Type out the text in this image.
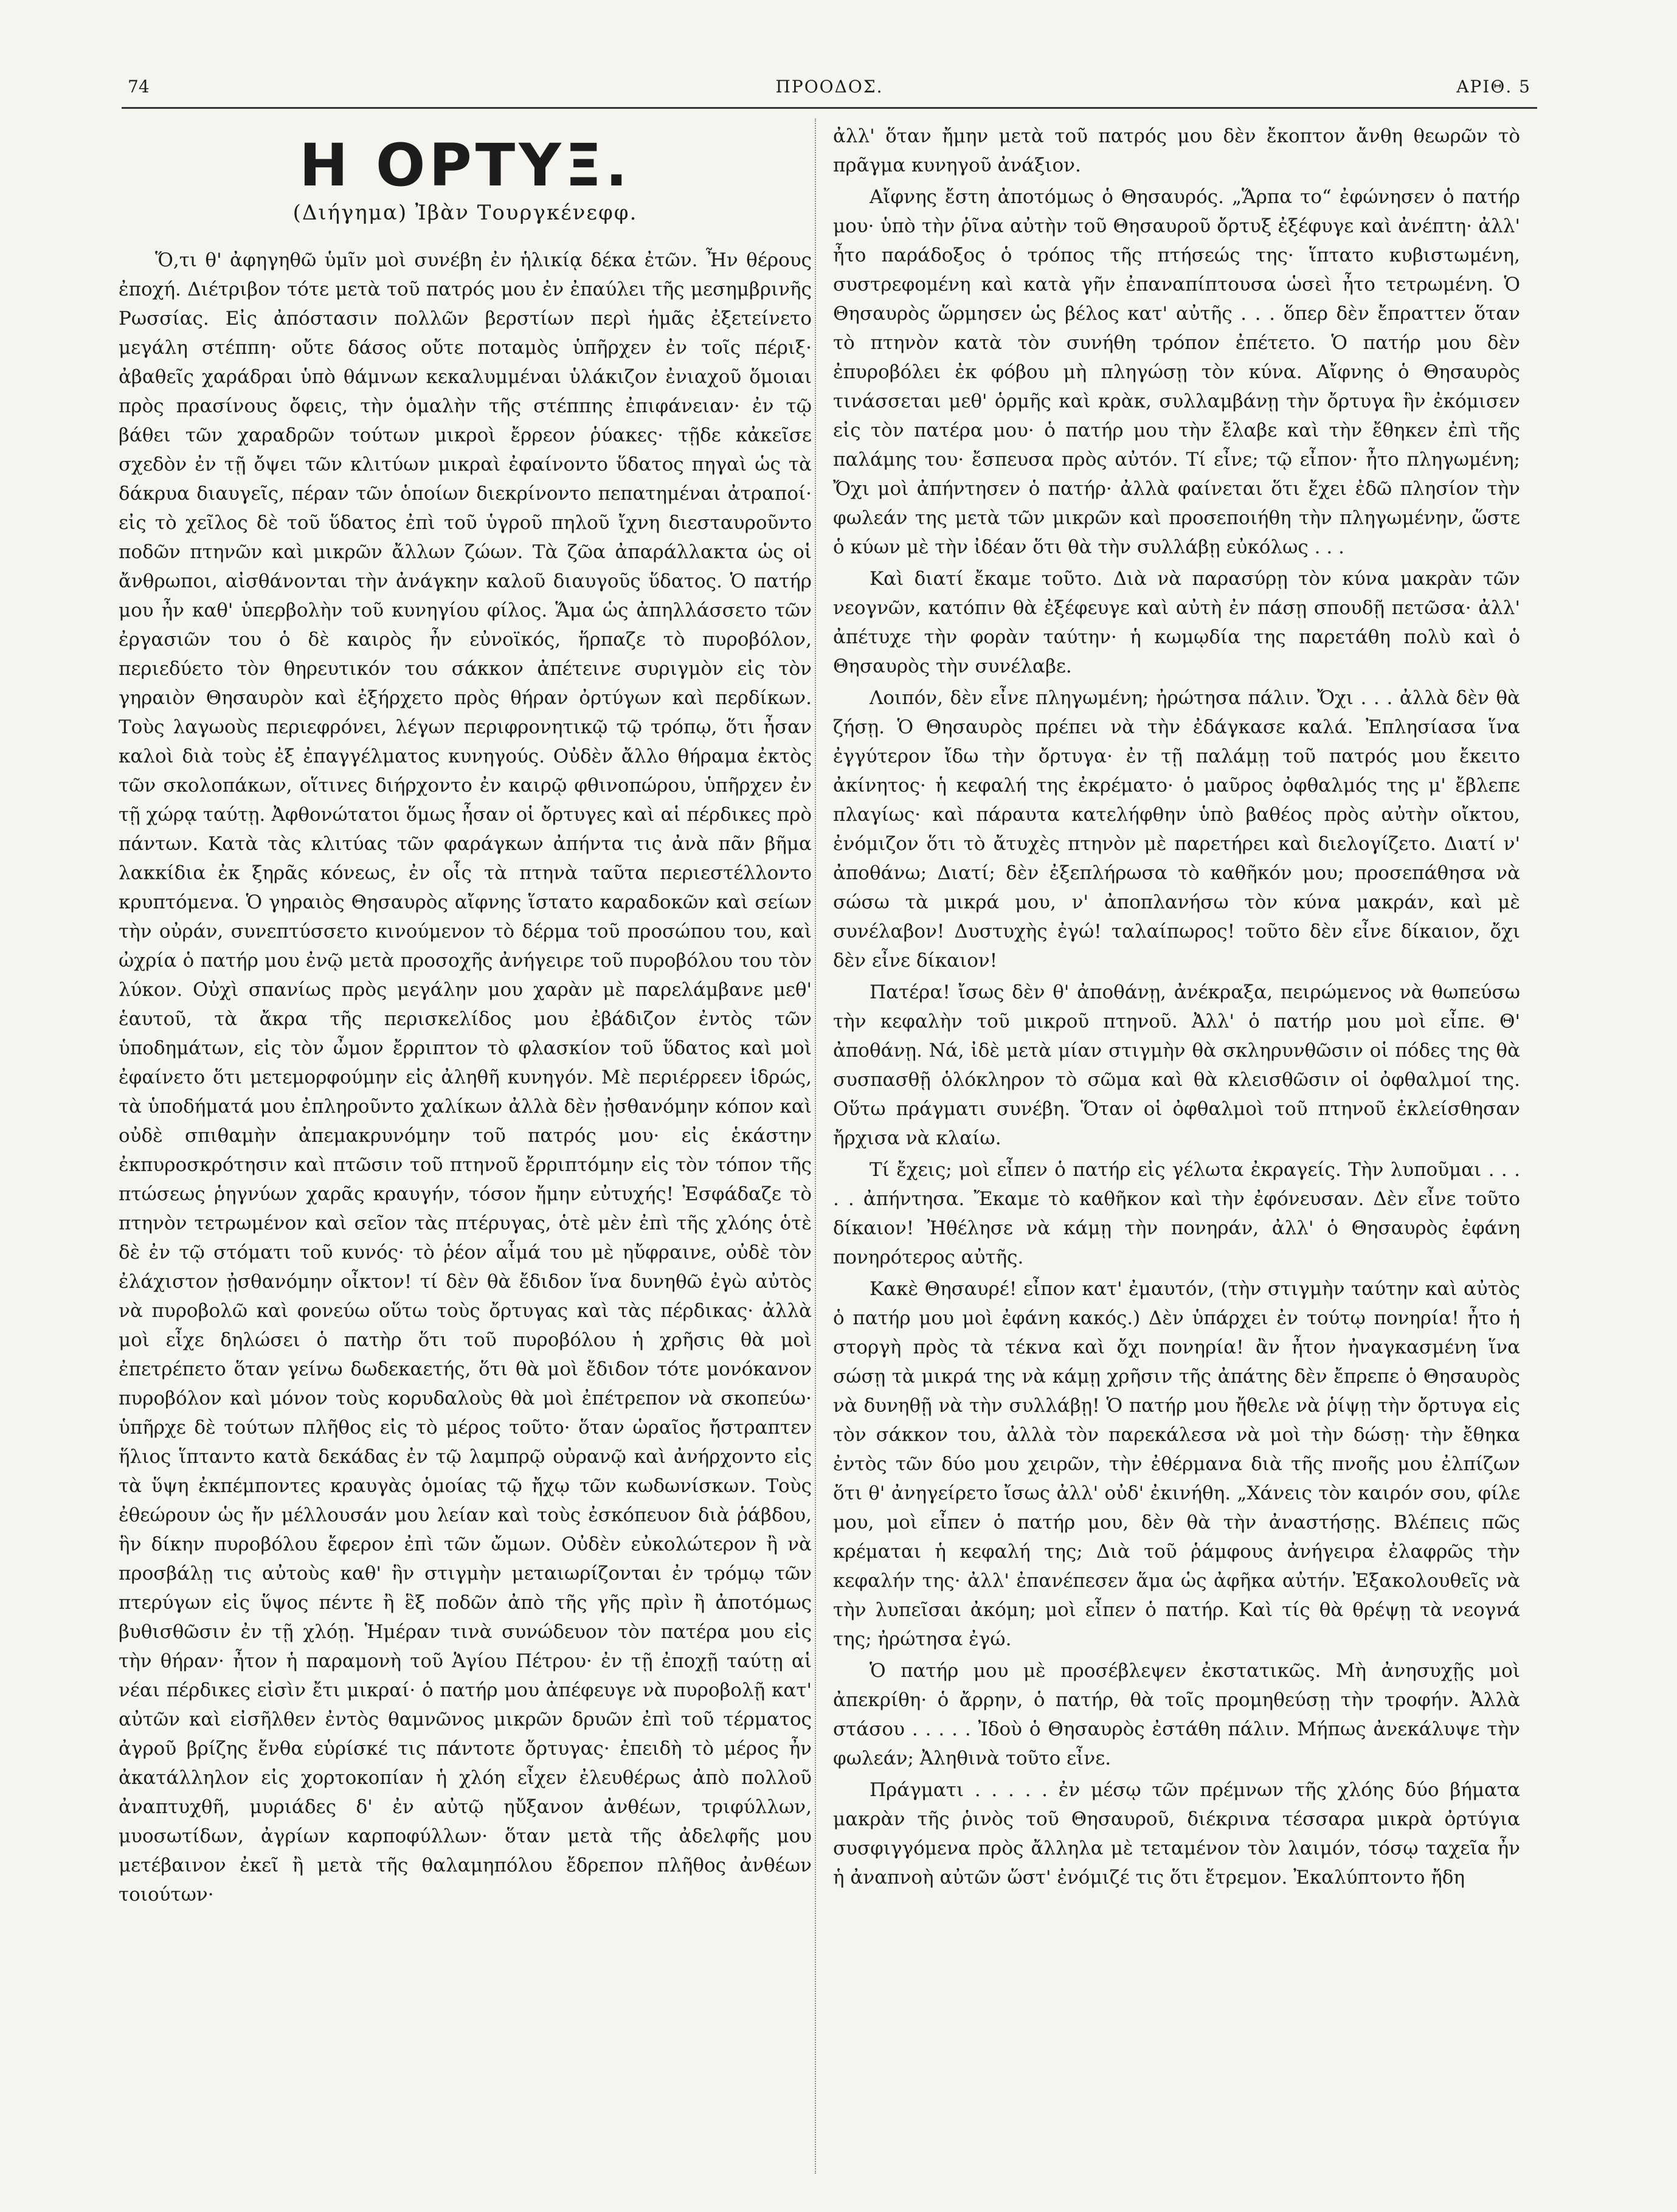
74	ΠΡΟΟΔΟΣ.	ΑΡΙΘ. 5
Η ΟΡΤΥΞ.
(Διήγημα) Ἰβὰν Τουργκένεφφ.

Ὅ,τι θ' ἀφηγηθῶ ὑμῖν μοὶ συνέβη ἐν ἡλικίᾳ δέκα ἐτῶν. Ἦν θέρους ἐποχή. Διέτριβον τότε μετὰ τοῦ πατρός μου ἐν ἐπαύλει τῆς μεσημβρινῆς Ρωσσίας. Εἰς ἀπόστασιν πολλῶν βερστίων περὶ ἡμᾶς ἐξετείνετο μεγάλη στέππη· οὔτε δάσος οὔτε ποταμὸς ὑπῆρχεν ἐν τοῖς πέριξ· ἀβαθεῖς χαράδραι ὑπὸ θάμνων κεκαλυμμέναι ὑλάκιζον ἐνιαχοῦ ὅμοιαι πρὸς πρασίνους ὄφεις, τὴν ὁμαλὴν τῆς στέππης ἐπιφάνειαν· ἐν τῷ βάθει τῶν χαραδρῶν τούτων μικροὶ ἔρρεον ῥύακες· τῇδε κἀκεῖσε σχεδὸν ἐν τῇ ὄψει τῶν κλιτύων μικραὶ ἐφαίνοντο ὕδατος πηγαὶ ὡς τὰ δάκρυα διαυγεῖς, πέραν τῶν ὁποίων διεκρίνοντο πεπατημέναι ἀτραποί· εἰς τὸ χεῖλος δὲ τοῦ ὕδατος ἐπὶ τοῦ ὑγροῦ πηλοῦ ἴχνη διεσταυροῦντο ποδῶν πτηνῶν καὶ μικρῶν ἄλλων ζώων. Τὰ ζῶα ἀπαράλλακτα ὡς οἱ ἄνθρωποι, αἰσθάνονται τὴν ἀνάγκην καλοῦ διαυγοῦς ὕδατος. Ὁ πατήρ μου ἦν καθ' ὑπερβολὴν τοῦ κυνηγίου φίλος. Ἅμα ὡς ἀπηλλάσσετο τῶν ἐργασιῶν του ὁ δὲ καιρὸς ἦν εὐνοϊκός, ἥρπαζε τὸ πυροβόλον, περιεδύετο τὸν θηρευτικόν του σάκκον ἀπέτεινε συριγμὸν εἰς τὸν γηραιὸν Θησαυρὸν καὶ ἐξήρχετο πρὸς θήραν ὀρτύγων καὶ περδίκων. Τοὺς λαγωοὺς περιεφρόνει, λέγων περιφρονητικῷ τῷ τρόπῳ, ὅτι ἦσαν καλοὶ διὰ τοὺς ἐξ ἐπαγγέλματος κυνηγούς. Οὐδὲν ἄλλο θήραμα ἐκτὸς τῶν σκολοπάκων, οἵτινες διήρχοντο ἐν καιρῷ φθινοπώρου, ὑπῆρχεν ἐν τῇ χώρᾳ ταύτῃ. Ἀφθονώτατοι ὅμως ἦσαν οἱ ὄρτυγες καὶ αἱ πέρδικες πρὸ πάντων. Κατὰ τὰς κλιτύας τῶν φαράγκων ἀπήντα τις ἀνὰ πᾶν βῆμα λακκίδια ἐκ ξηρᾶς κόνεως, ἐν οἷς τὰ πτηνὰ ταῦτα περιεστέλλοντο κρυπτόμενα. Ὁ γηραιὸς Θησαυρὸς αἴφνης ἵστατο καραδοκῶν καὶ σείων τὴν οὐράν, συνεπτύσσετο κινούμενον τὸ δέρμα τοῦ προσώπου του, καὶ ὠχρία ὁ πατήρ μου ἐνῷ μετὰ προσοχῆς ἀνήγειρε τοῦ πυροβόλου του τὸν λύκον. Οὐχὶ σπανίως πρὸς μεγάλην μου χαρὰν μὲ παρελάμβανε μεθ' ἑαυτοῦ, τὰ ἄκρα τῆς περισκελίδος μου ἐβάδιζον ἐντὸς τῶν ὑποδημάτων, εἰς τὸν ὦμον ἔρριπτον τὸ φλασκίον τοῦ ὕδατος καὶ μοὶ ἐφαίνετο ὅτι μετεμορφούμην εἰς ἀληθῆ κυνηγόν. Μὲ περιέρρεεν ἱδρώς, τὰ ὑποδήματά μου ἐπληροῦντο χαλίκων ἀλλὰ δὲν ᾐσθανόμην κόπον καὶ οὐδὲ σπιθαμὴν ἀπεμακρυνόμην τοῦ πατρός μου· εἰς ἑκάστην ἐκπυροσκρότησιν καὶ πτῶσιν τοῦ πτηνοῦ ἔρριπτόμην εἰς τὸν τόπον τῆς πτώσεως ῥηγνύων χαρᾶς κραυγήν, τόσον ἤμην εὐτυχής! Ἐσφάδαζε τὸ πτηνὸν τετρωμένον καὶ σεῖον τὰς πτέρυγας, ὁτὲ μὲν ἐπὶ τῆς χλόης ὁτὲ δὲ ἐν τῷ στόματι τοῦ κυνός· τὸ ῥέον αἷμά του μὲ ηὔφραινε, οὐδὲ τὸν ἐλάχιστον ᾐσθανόμην οἶκτον! τί δὲν θὰ ἔδιδον ἵνα δυνηθῶ ἐγὼ αὐτὸς νὰ πυροβολῶ καὶ φονεύω οὕτω τοὺς ὄρτυγας καὶ τὰς πέρδικας· ἀλλὰ μοὶ εἶχε δηλώσει ὁ πατὴρ ὅτι τοῦ πυροβόλου ἡ χρῆσις θὰ μοὶ ἐπετρέπετο ὅταν γείνω δωδεκαετής, ὅτι θὰ μοὶ ἔδιδον τότε μονόκανον πυροβόλον καὶ μόνον τοὺς κορυδαλοὺς θὰ μοὶ ἐπέτρεπον νὰ σκοπεύω· ὑπῆρχε δὲ τούτων πλῆθος εἰς τὸ μέρος τοῦτο· ὅταν ὡραῖος ἤστραπτεν ἥλιος ἵπταντο κατὰ δεκάδας ἐν τῷ λαμπρῷ οὐρανῷ καὶ ἀνήρχοντο εἰς τὰ ὕψη ἐκπέμποντες κραυγὰς ὁμοίας τῷ ἤχῳ τῶν κωδωνίσκων. Τοὺς ἐθεώρουν ὡς ἤν μέλλουσάν μου λείαν καὶ τοὺς ἐσκόπευον διὰ ῥάβδου, ἣν δίκην πυροβόλου ἔφερον ἐπὶ τῶν ὤμων. Οὐδὲν εὐκολώτερον ἢ νὰ προσβάλῃ τις αὐτοὺς καθ' ἣν στιγμὴν μεταιωρίζονται ἐν τρόμῳ τῶν πτερύγων εἰς ὕψος πέντε ἢ ἓξ ποδῶν ἀπὸ τῆς γῆς πρὶν ἢ ἀποτόμως βυθισθῶσιν ἐν τῇ χλόῃ. Ἡμέραν τινὰ συνώδευον τὸν πατέρα μου εἰς τὴν θήραν· ἦτον ἡ παραμονὴ τοῦ Ἁγίου Πέτρου· ἐν τῇ ἐποχῇ ταύτῃ αἱ νέαι πέρδικες εἰσὶν ἔτι μικραί· ὁ πατήρ μου ἀπέφευγε νὰ πυροβολῇ κατ' αὐτῶν καὶ εἰσῆλθεν ἐντὸς θαμνῶνος μικρῶν δρυῶν ἐπὶ τοῦ τέρματος ἀγροῦ βρίζης ἔνθα εὑρίσκέ τις πάντοτε ὄρτυγας· ἐπειδὴ τὸ μέρος ἦν ἀκατάλληλον εἰς χορτοκοπίαν ἡ χλόη εἶχεν ἐλευθέρως ἀπὸ πολλοῦ ἀναπτυχθῆ, μυριάδες δ' ἐν αὐτῷ ηὔξανον ἀνθέων, τριφύλλων, μυοσωτίδων, ἀγρίων καρποφύλλων· ὅταν μετὰ τῆς ἀδελφῆς μου μετέβαινον ἐκεῖ ἢ μετὰ τῆς θαλαμηπόλου ἔδρεπον πλῆθος ἀνθέων τοιούτων·

ἀλλ' ὅταν ἤμην μετὰ τοῦ πατρός μου δὲν ἔκοπτον ἄνθη θεωρῶν τὸ πρᾶγμα κυνηγοῦ ἀνάξιον.

Αἴφνης ἔστη ἀποτόμως ὁ Θησαυρός. „Ἅρπα το“ ἐφώνησεν ὁ πατήρ μου· ὑπὸ τὴν ῥῖνα αὐτὴν τοῦ Θησαυροῦ ὄρτυξ ἐξέφυγε καὶ ἀνέπτη· ἀλλ' ἦτο παράδοξος ὁ τρόπος τῆς πτήσεώς της· ἵπτατο κυβιστωμένη, συστρεφομένη καὶ κατὰ γῆν ἐπαναπίπτουσα ὡσεὶ ἦτο τετρωμένη. Ὁ Θησαυρὸς ὥρμησεν ὡς βέλος κατ' αὐτῆς . . . ὅπερ δὲν ἔπραττεν ὅταν τὸ πτηνὸν κατὰ τὸν συνήθη τρόπον ἐπέτετο. Ὁ πατήρ μου δὲν ἐπυροβόλει ἐκ φόβου μὴ πληγώσῃ τὸν κύνα. Αἴφνης ὁ Θησαυρὸς τινάσσεται μεθ' ὁρμῆς καὶ κρὰκ, συλλαμβάνῃ τὴν ὄρτυγα ἣν ἐκόμισεν εἰς τὸν πατέρα μου· ὁ πατήρ μου τὴν ἔλαβε καὶ τὴν ἔθηκεν ἐπὶ τῆς παλάμης του· ἔσπευσα πρὸς αὐτόν. Τί εἶνε; τῷ εἶπον· ἦτο πληγωμένη; Ὄχι μοὶ ἀπήντησεν ὁ πατήρ· ἀλλὰ φαίνεται ὅτι ἔχει ἐδῶ πλησίον τὴν φωλεάν της μετὰ τῶν μικρῶν καὶ προσεποιήθη τὴν πληγωμένην, ὥστε ὁ κύων μὲ τὴν ἰδέαν ὅτι θὰ τὴν συλλάβῃ εὐκόλως . . .

Καὶ διατί ἔκαμε τοῦτο. Διὰ νὰ παρασύρῃ τὸν κύνα μακρὰν τῶν νεογνῶν, κατόπιν θὰ ἐξέφευγε καὶ αὐτὴ ἐν πάσῃ σπουδῇ πετῶσα· ἀλλ' ἀπέτυχε τὴν φορὰν ταύτην· ἡ κωμῳδία της παρετάθη πολὺ καὶ ὁ Θησαυρὸς τὴν συνέλαβε.

Λοιπόν, δὲν εἶνε πληγωμένη; ἠρώτησα πάλιν. Ὄχι . . . ἀλλὰ δὲν θὰ ζήσῃ. Ὁ Θησαυρὸς πρέπει νὰ τὴν ἐδάγκασε καλά. Ἐπλησίασα ἵνα ἐγγύτερον ἴδω τὴν ὄρτυγα· ἐν τῇ παλάμῃ τοῦ πατρός μου ἔκειτο ἀκίνητος· ἡ κεφαλή της ἐκρέματο· ὁ μαῦρος ὀφθαλμός της μ' ἔβλεπε πλαγίως· καὶ πάραυτα κατελήφθην ὑπὸ βαθέος πρὸς αὐτὴν οἴκτου, ἐνόμιζον ὅτι τὸ ἄτυχὲς πτηνὸν μὲ παρετήρει καὶ διελογίζετο. Διατί ν' ἀποθάνω; Διατί; δὲν ἐξεπλήρωσα τὸ καθῆκόν μου; προσεπάθησα νὰ σώσω τὰ μικρά μου, ν' ἀποπλανήσω τὸν κύνα μακράν, καὶ μὲ συνέλαβον! Δυστυχὴς ἐγώ! ταλαίπωρος! τοῦτο δὲν εἶνε δίκαιον, ὄχι δὲν εἶνε δίκαιον!

Πατέρα! ἴσως δὲν θ' ἀποθάνῃ, ἀνέκραξα, πειρώμενος νὰ θωπεύσω τὴν κεφαλὴν τοῦ μικροῦ πτηνοῦ. Ἀλλ' ὁ πατήρ μου μοὶ εἶπε. Θ' ἀποθάνῃ. Νά, ἰδὲ μετὰ μίαν στιγμὴν θὰ σκληρυνθῶσιν οἱ πόδες της θὰ συσπασθῇ ὁλόκληρον τὸ σῶμα καὶ θὰ κλεισθῶσιν οἱ ὀφθαλμοί της. Οὕτω πράγματι συνέβη. Ὅταν οἱ ὀφθαλμοὶ τοῦ πτηνοῦ ἐκλείσθησαν ἤρχισα νὰ κλαίω.

Τί ἔχεις; μοὶ εἶπεν ὁ πατήρ εἰς γέλωτα ἐκραγείς. Τὴν λυποῦμαι . . . . . ἀπήντησα. Ἔκαμε τὸ καθῆκον καὶ τὴν ἐφόνευσαν. Δὲν εἶνε τοῦτο δίκαιον! Ἠθέλησε νὰ κάμῃ τὴν πονηράν, ἀλλ' ὁ Θησαυρὸς ἐφάνη πονηρότερος αὐτῆς.

Κακὲ Θησαυρέ! εἶπον κατ' ἐμαυτόν, (τὴν στιγμὴν ταύτην καὶ αὐτὸς ὁ πατήρ μου μοὶ ἐφάνη κακός.) Δὲν ὑπάρχει ἐν τούτῳ πονηρία! ἦτο ἡ στοργὴ πρὸς τὰ τέκνα καὶ ὄχι πονηρία! ἂν ἦτον ἠναγκασμένη ἵνα σώσῃ τὰ μικρά της νὰ κάμῃ χρῆσιν τῆς ἀπάτης δὲν ἔπρεπε ὁ Θησαυρὸς νὰ δυνηθῇ νὰ τὴν συλλάβῃ! Ὁ πατήρ μου ἤθελε νὰ ῥίψῃ τὴν ὄρτυγα εἰς τὸν σάκκον του, ἀλλὰ τὸν παρεκάλεσα νὰ μοὶ τὴν δώσῃ· τὴν ἔθηκα ἐντὸς τῶν δύο μου χειρῶν, τὴν ἐθέρμανα διὰ τῆς πνοῆς μου ἐλπίζων ὅτι θ' ἀνηγείρετο ἴσως ἀλλ' οὐδ' ἐκινήθη. „Χάνεις τὸν καιρόν σου, φίλε μου, μοὶ εἶπεν ὁ πατήρ μου, δὲν θὰ τὴν ἀναστήσῃς. Βλέπεις πῶς κρέμαται ἡ κεφαλή της; Διὰ τοῦ ῥάμφους ἀνήγειρα ἐλαφρῶς τὴν κεφαλήν της· ἀλλ' ἐπανέπεσεν ἅμα ὡς ἀφῆκα αὐτήν. Ἐξακολουθεῖς νὰ τὴν λυπεῖσαι ἀκόμη; μοὶ εἶπεν ὁ πατήρ. Καὶ τίς θὰ θρέψῃ τὰ νεογνά της; ἠρώτησα ἐγώ.

Ὁ πατήρ μου μὲ προσέβλεψεν ἐκστατικῶς. Μὴ ἀνησυχῇς μοὶ ἀπεκρίθη· ὁ ἄρρην, ὁ πατήρ, θὰ τοῖς προμηθεύσῃ τὴν τροφήν. Ἀλλὰ στάσου . . . . . Ἰδοὺ ὁ Θησαυρὸς ἐστάθη πάλιν. Μήπως ἀνεκάλυψε τὴν φωλεάν; Ἀληθινὰ τοῦτο εἶνε.

Πράγματι . . . . . ἐν μέσῳ τῶν πρέμνων τῆς χλόης δύο βήματα μακρὰν τῆς ῥινὸς τοῦ Θησαυροῦ, διέκρινα τέσσαρα μικρὰ ὀρτύγια συσφιγγόμενα πρὸς ἄλληλα μὲ τεταμένον τὸν λαιμόν, τόσῳ ταχεῖα ἦν ἡ ἀναπνοὴ αὐτῶν ὥστ' ἐνόμιζέ τις ὅτι ἔτρεμον. Ἐκαλύπτοντο ἤδη
